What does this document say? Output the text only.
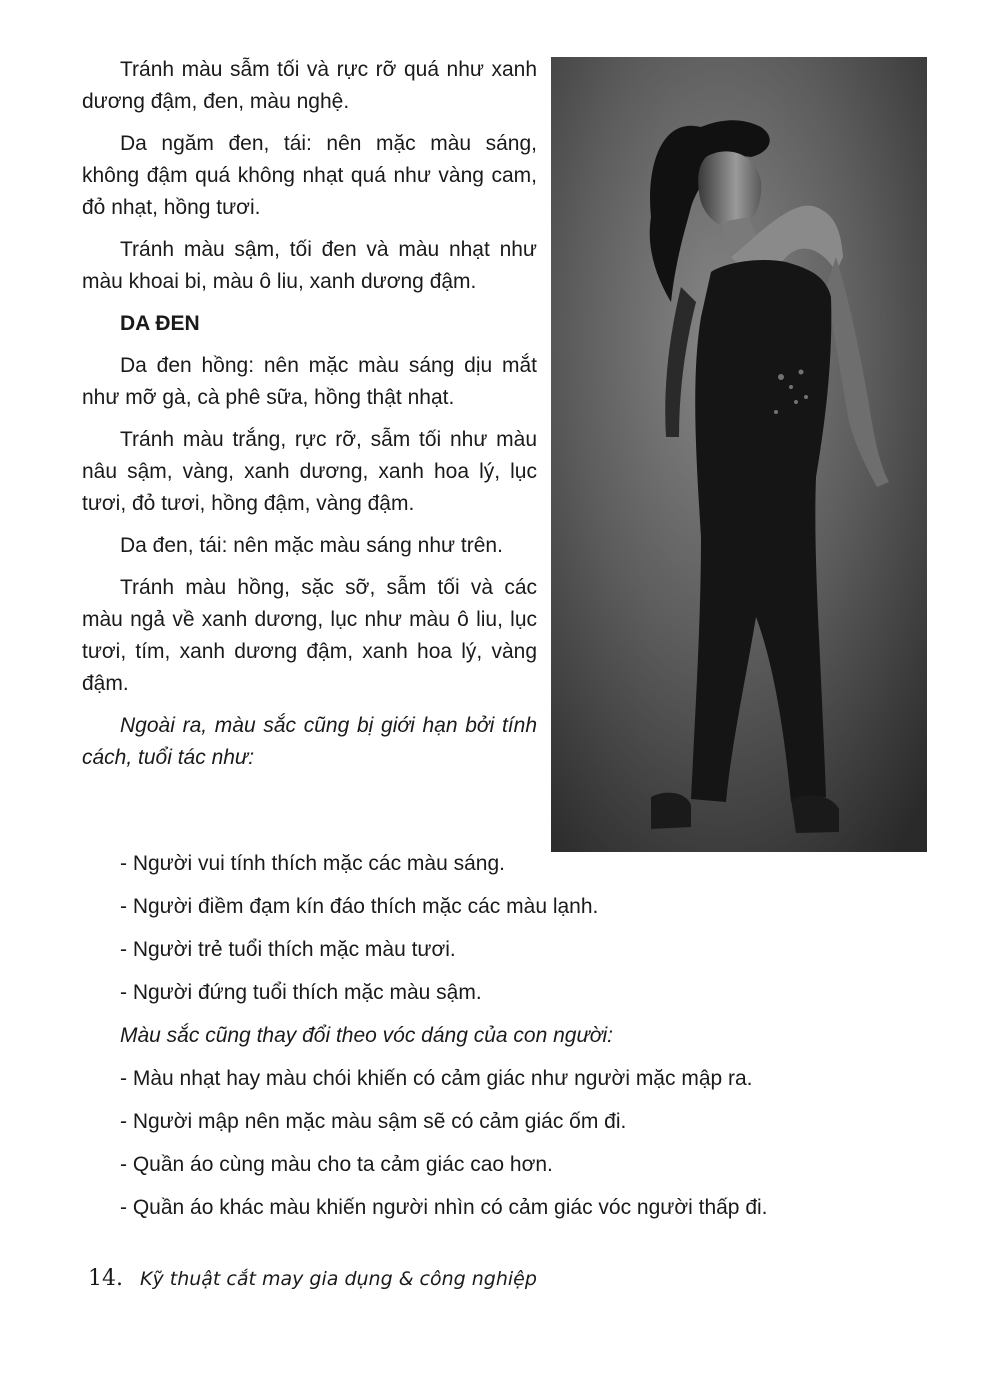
Tránh màu sẫm tối và rực rỡ quá như xanh dương đậm, đen, màu nghệ.

Da ngăm đen, tái: nên mặc màu sáng, không đậm quá không nhạt quá như vàng cam, đỏ nhạt, hồng tươi.

Tránh màu sậm, tối đen và màu nhạt như màu khoai bi, màu ô liu, xanh dương đậm.

DA ĐEN

Da đen hồng: nên mặc màu sáng dịu mắt như mỡ gà, cà phê sữa, hồng thật nhạt.

Tránh màu trắng, rực rỡ, sẫm tối như màu nâu sậm, vàng, xanh dương, xanh hoa lý, lục tươi, đỏ tươi, hồng đậm, vàng đậm.

Da đen, tái: nên mặc màu sáng như trên.

Tránh màu hồng, sặc sỡ, sẫm tối và các màu ngả về xanh dương, lục như màu ô liu, lục tươi, tím, xanh dương đậm, xanh hoa lý, vàng đậm.

Ngoài ra, màu sắc cũng bị giới hạn bởi tính cách, tuổi tác như:

- Người vui tính thích mặc các màu sáng.

- Người điềm đạm kín đáo thích mặc các màu lạnh.

- Người trẻ tuổi thích mặc màu tươi.

- Người đứng tuổi thích mặc màu sậm.

Màu sắc cũng thay đổi theo vóc dáng của con người:

- Màu nhạt hay màu chói khiến có cảm giác như người mặc mập ra.

- Người mập nên mặc màu sậm sẽ có cảm giác ốm đi.

- Quần áo cùng màu cho ta cảm giác cao hơn.

- Quần áo khác màu khiến người nhìn có cảm giác vóc người thấp đi.

14. Kỹ thuật cắt may gia dụng & công nghiệp
